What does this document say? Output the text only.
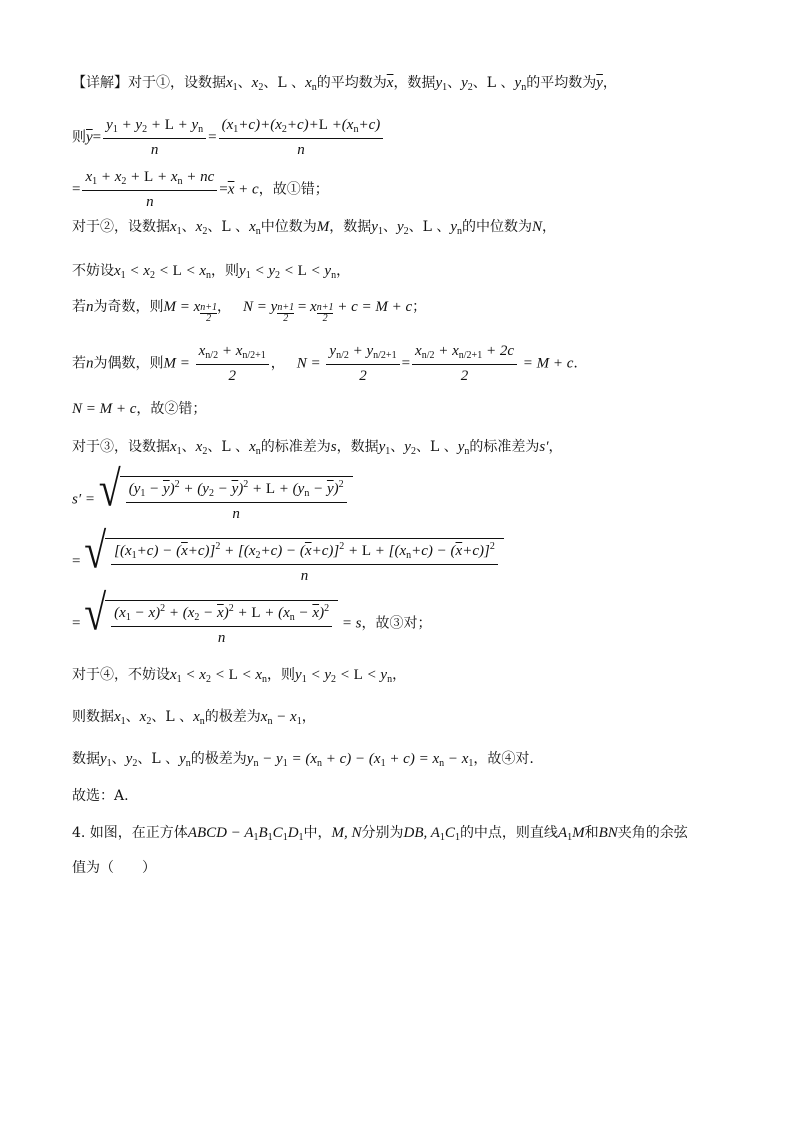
【详解】对于①，设数据$x_1$、$x_2$、L 、$x_n$的平均数为$\overline{x}$，数据$y_1$、$y_2$、L 、$y_n$的平均数为$\overline{y}$，
则$\overline{y}= \frac{y_1 + y_2 + L + y_n}{n} = \frac{(x_1+c)+(x_2+c)+L +(x_n+c)}{n}$
= $\frac{x_1 + x_2 + L + x_n + nc}{n} =\overline{x} + c$，故①错；
对于②，设数据$x_1$、$x_2$、L 、$x_n$中位数为M，数据$y_1$、$y_2$、L 、$y_n$的中位数为N，
不妨设$x_1 < x_2 < L < x_n$，则$y_1 < y_2 < L < y_n$，
若n为奇数，则M = x $\frac{n+1}{2}$ ， N = y $\frac{n+1}{2} = x \frac{n+1}{2} + c = M + c$；
若n为偶数，则$M = \frac{x_{n/2} + x_{n/2+1}}{2}$ ， $N = \frac{y_{n/2} + y_{n/2+1}}{2} = \frac{x_{n/2} + x_{n/2+1} + 2c}{2} = M + c$.
N = M + c，故②错；
对于③，设数据$x_1$、$x_2$、L 、$x_n$的标准差为s，数据$y_1$、$y_2$、L 、$y_n$的标准差为s′，
s′ = √ $\frac{(y_1 - \overline{y})^2 + (y_2 - \overline{y})^2 + L + (y_n - \overline{y})^2}{n}$
= √ $[(x_1+c) - (\overline{x}+c)]^2 + [(x_2+c) - (\overline{x}+c)]^2 + L + [(x_n+c) - (\overline{x}+c)]^2$
n
= √ $\frac{(x_1 - x)^2 + (x_2 - \overline{x})^2 + L + (x_n - \overline{x})^2}{n} = s$，故③对；
对于④，不妨设$x_1 < x_2 < L < x_n$，则$y_1 < y_2 < L < y_n$，
则数据$x_1$、$x_2$、L 、$x_n$的极差为$x_n - x_1$，
数据$y_1$、$y_2$、L 、$y_n$的极差为$y_n - y_1 = (x_n + c) - (x_1 + c) = x_n - x_1$，故④对.
故选：A.
4. 如图，在正方体ABCD − $A_1B_1C_1D_1$中，M, N分别为DB, $A_1C_1$的中点，则直线$A_1M$和BN夹角的余弦
值为（　　）
